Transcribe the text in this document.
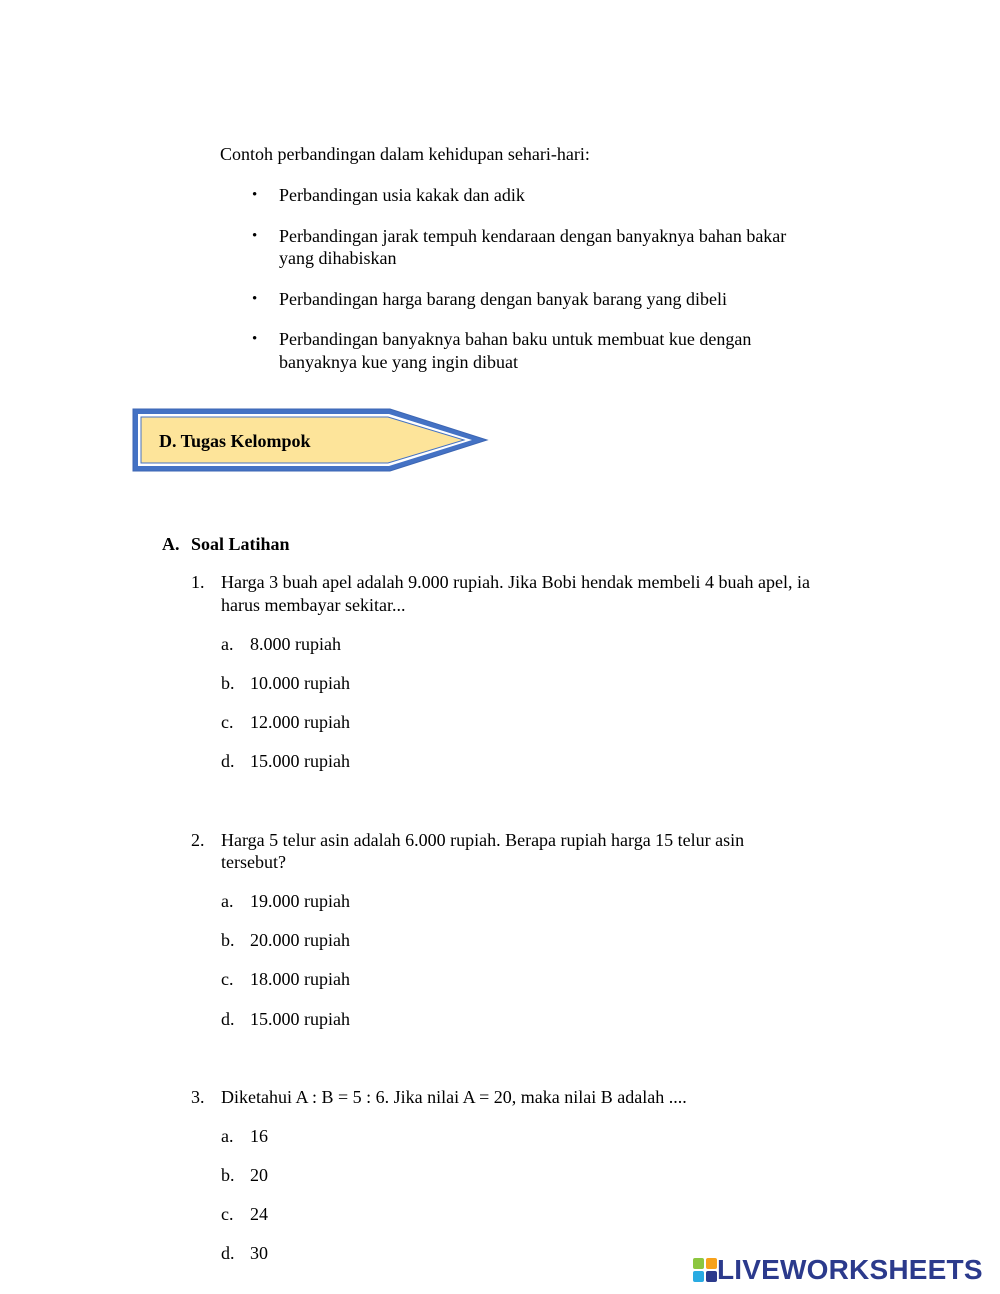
Contoh perbandingan dalam kehidupan sehari-hari:
• Perbandingan usia kakak dan adik
• Perbandingan jarak tempuh kendaraan dengan banyaknya bahan bakar
yang dihabiskan
• Perbandingan harga barang dengan banyak barang yang dibeli
• Perbandingan banyaknya bahan baku untuk membuat kue dengan
banyaknya kue yang ingin dibuat
D. Tugas Kelompok
A. Soal Latihan
1. Harga 3 buah apel adalah 9.000 rupiah. Jika Bobi hendak membeli 4 buah apel, ia
harus membayar sekitar...
a. 8.000 rupiah
b. 10.000 rupiah
c. 12.000 rupiah
d. 15.000 rupiah
2. Harga 5 telur asin adalah 6.000 rupiah. Berapa rupiah harga 15 telur asin
tersebut?
a. 19.000 rupiah
b. 20.000 rupiah
c. 18.000 rupiah
d. 15.000 rupiah
3. Diketahui A : B = 5 : 6. Jika nilai A = 20, maka nilai B adalah ....
a. 16
b. 20
c. 24
d. 30
LIVEWORKSHEETS
